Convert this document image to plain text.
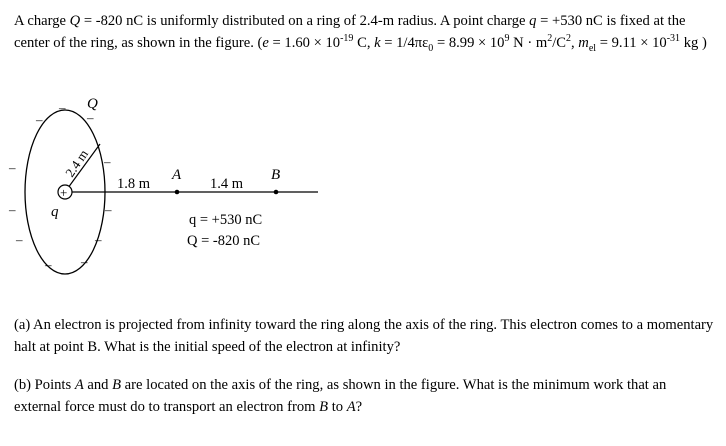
A charge Q = -820 nC is uniformly distributed on a ring of 2.4-m radius. A point charge q = +530 nC is fixed at the center of the ring, as shown in the figure. ($e = 1.60 \times 10^{-19}$ C, $k = 1/4\pi\varepsilon_0 = 8.99 \times 10^9$ $N \cdot m^2/C^2$, $m_{el} = 9.11 \times 10^{-31}$ kg )

–
–
–
–
–
–
–
–
–
–
–
Q
2.4 m
+
q
1.8 m	1.4 m
A	B
q = +530 nC
Q = -820 nC

(a) An electron is projected from infinity toward the ring along the axis of the ring. This electron comes to a momentary halt at point B. What is the initial speed of the electron at infinity?

(b) Points A and B are located on the axis of the ring, as shown in the figure. What is the minimum work that an external force must do to transport an electron from B to A?
